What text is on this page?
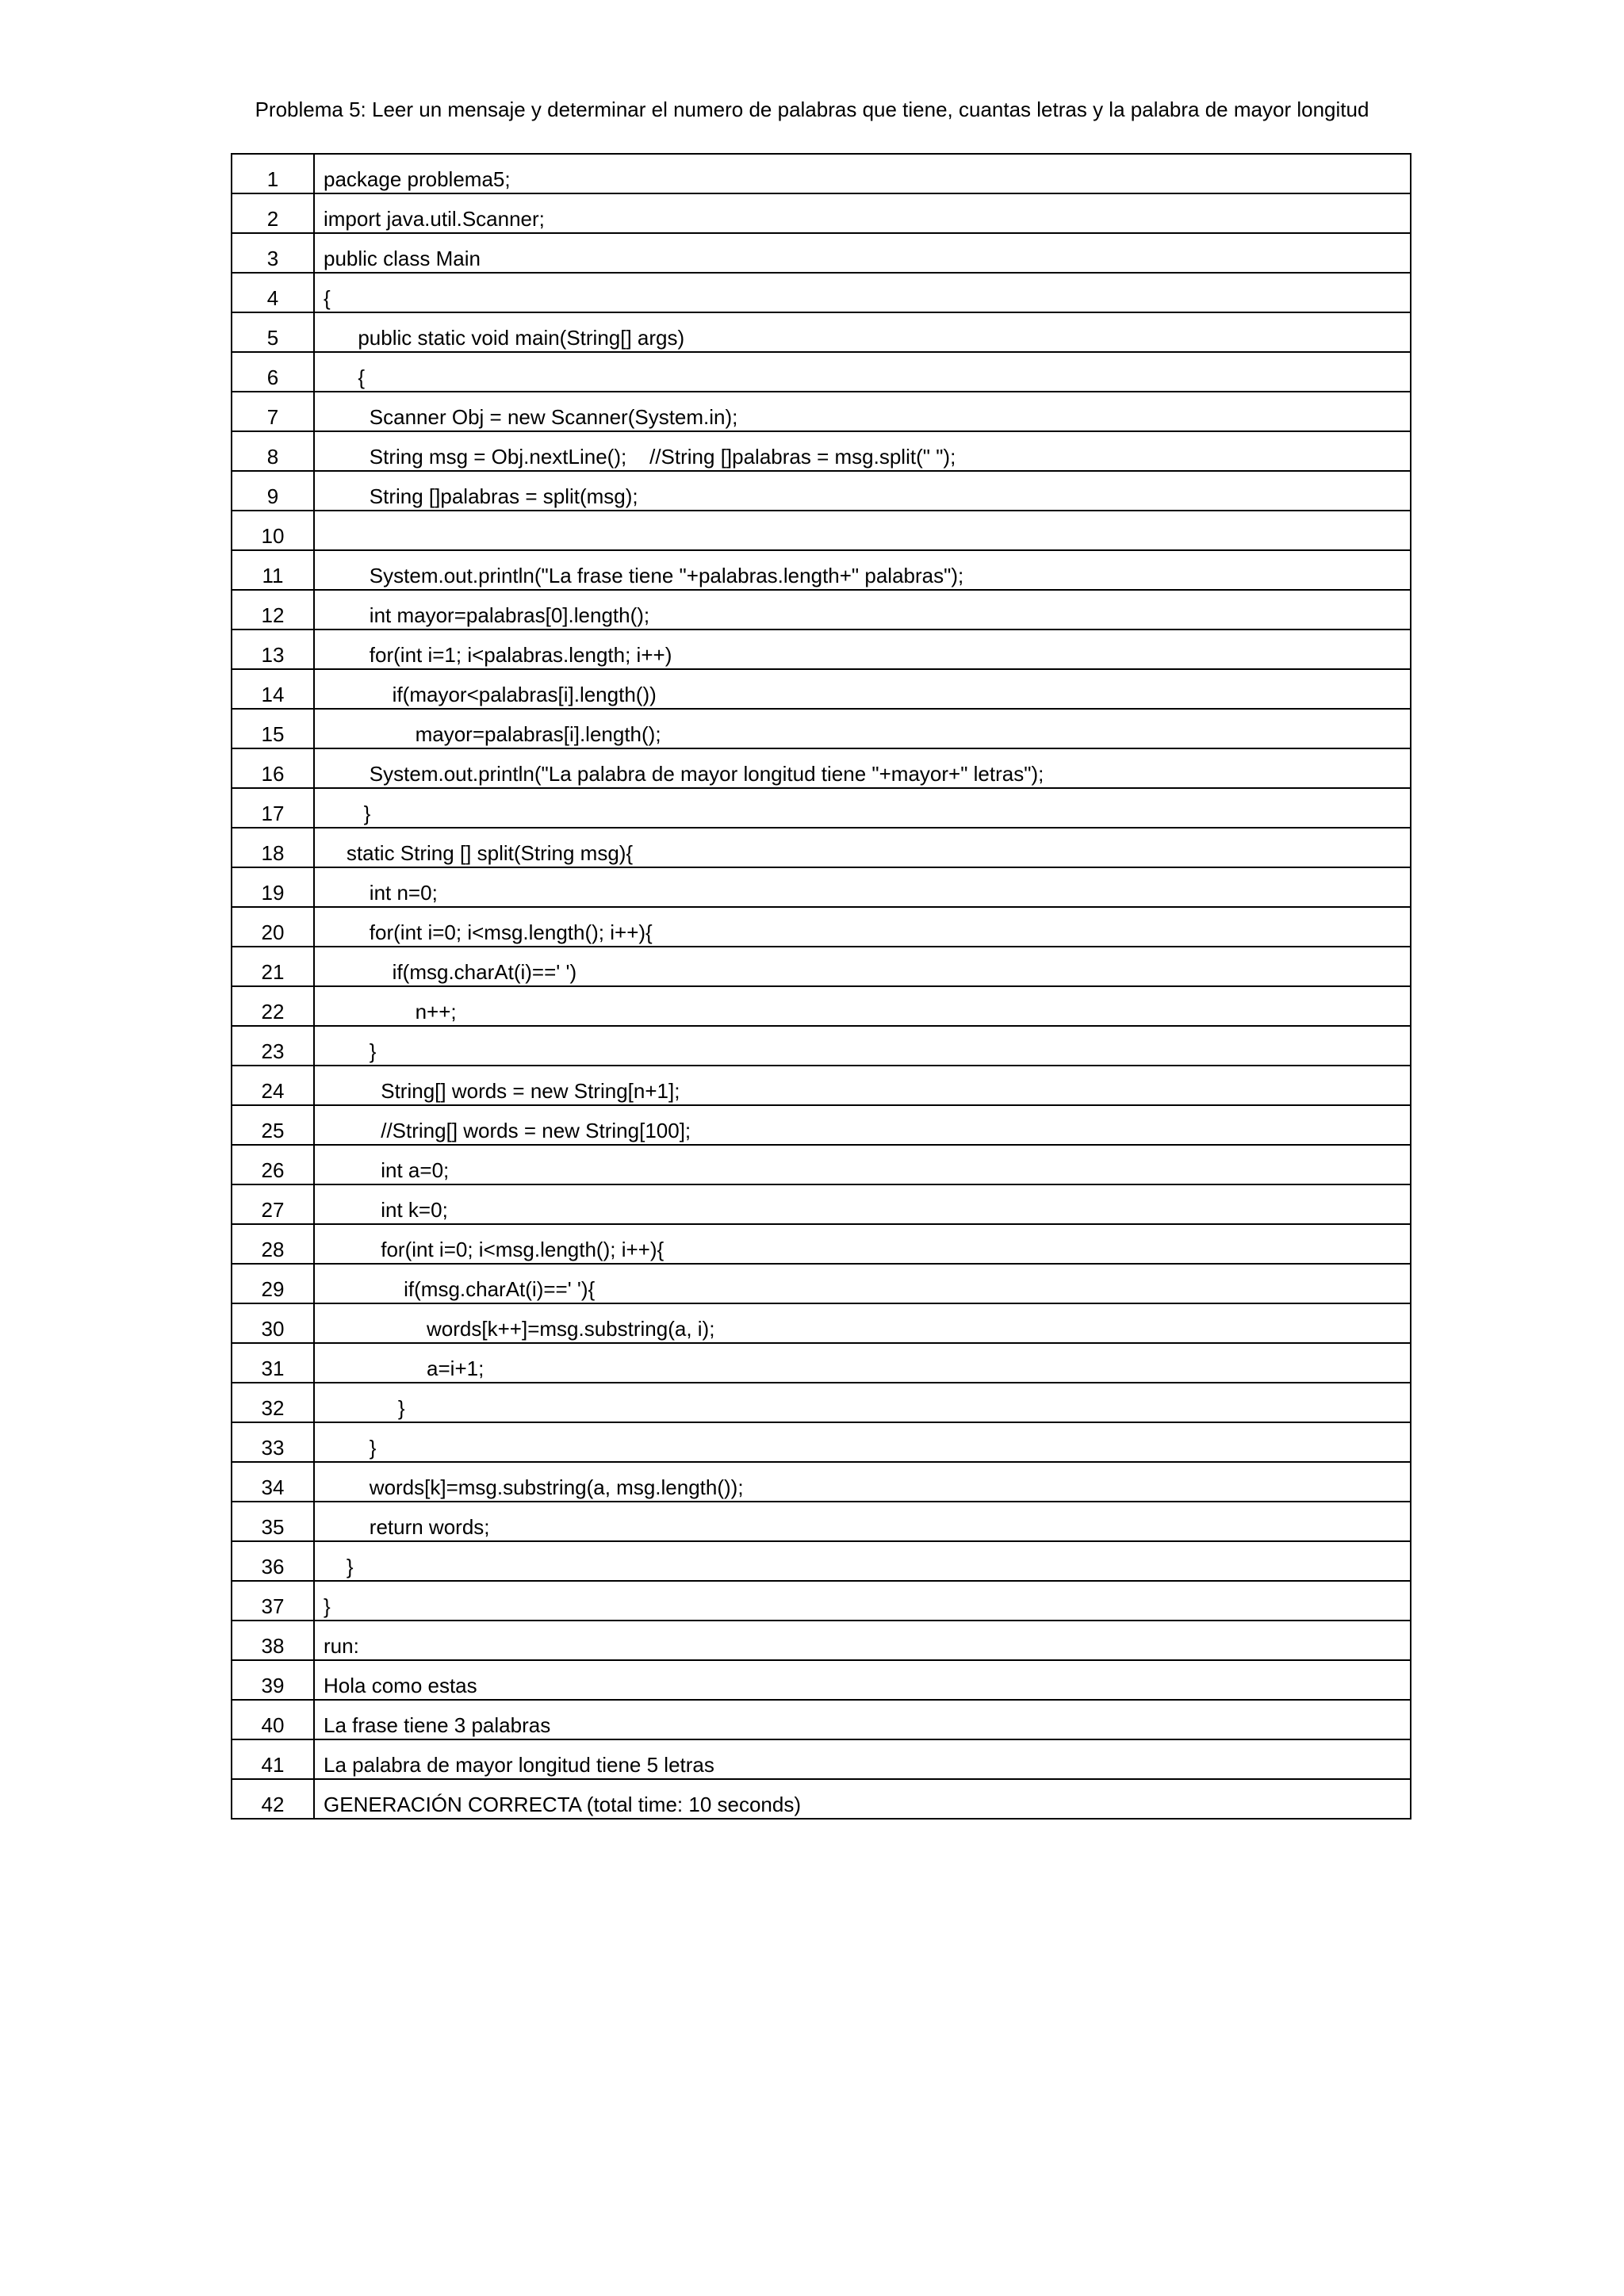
Problema 5: Leer un mensaje y determinar el numero de palabras que tiene, cuantas letras y la palabra de mayor longitud
1	package problema5;
2	import java.util.Scanner;
3	public class Main
4	{
5	public static void main(String[] args)
6	{
7	Scanner Obj = new Scanner(System.in);
8	String msg = Obj.nextLine();    //String []palabras = msg.split(" ");
9	String []palabras = split(msg);
10	
11	System.out.println("La frase tiene "+palabras.length+" palabras");
12	int mayor=palabras[0].length();
13	for(int i=1; i<palabras.length; i++)
14	if(mayor<palabras[i].length())
15	mayor=palabras[i].length();
16	System.out.println("La palabra de mayor longitud tiene "+mayor+" letras");
17	}
18	static String [] split(String msg){
19	int n=0;
20	for(int i=0; i<msg.length(); i++){
21	if(msg.charAt(i)==' ')
22	n++;
23	}
24	String[] words = new String[n+1];
25	//String[] words = new String[100];
26	int a=0;
27	int k=0;
28	for(int i=0; i<msg.length(); i++){
29	if(msg.charAt(i)==' '){
30	words[k++]=msg.substring(a, i);
31	a=i+1;
32	}
33	}
34	words[k]=msg.substring(a, msg.length());
35	return words;
36	}
37	}
38	run:
39	Hola como estas
40	La frase tiene 3 palabras
41	La palabra de mayor longitud tiene 5 letras
42	GENERACIÓN CORRECTA (total time: 10 seconds)
